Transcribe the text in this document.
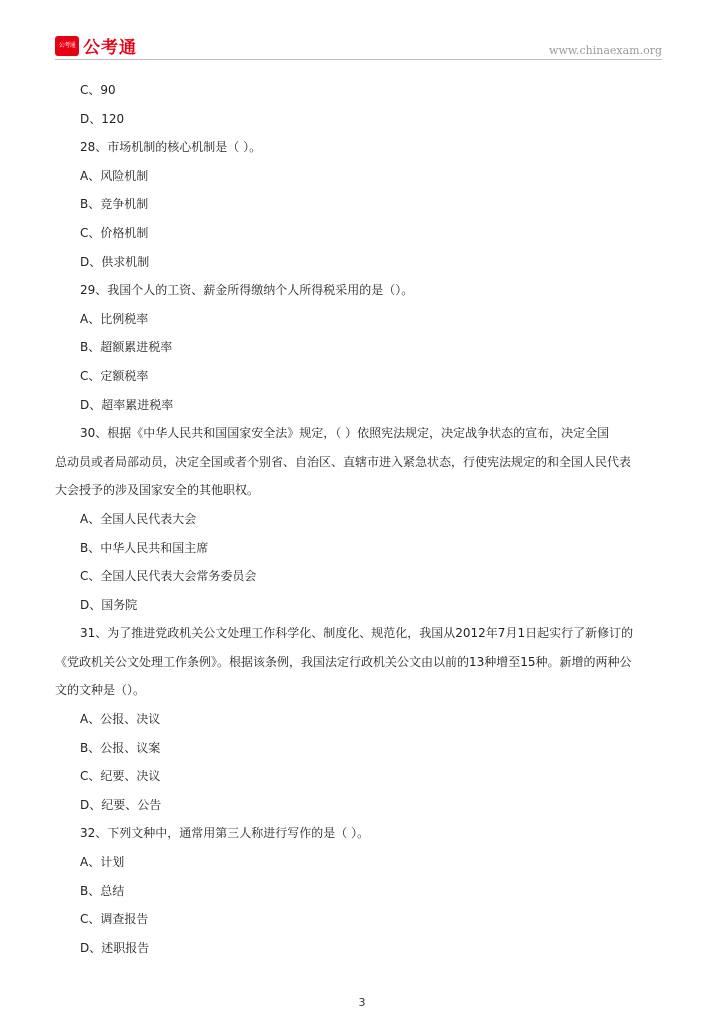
公考通 公考通	www.chinaexam.org

C、90

D、120

28、市场机制的核心机制是（ ）。

A、风险机制

B、竞争机制

C、价格机制

D、供求机制

29、我国个人的工资、薪金所得缴纳个人所得税采用的是（）。

A、比例税率

B、超额累进税率

C、定额税率

D、超率累进税率

30、根据《中华人民共和国国家安全法》规定，（ ）依照宪法规定，决定战争状态的宣布，决定全国

总动员或者局部动员，决定全国或者个别省、自治区、直辖市进入紧急状态，行使宪法规定的和全国人民代表

大会授予的涉及国家安全的其他职权。

A、全国人民代表大会

B、中华人民共和国主席

C、全国人民代表大会常务委员会

D、国务院

31、为了推进党政机关公文处理工作科学化、制度化、规范化，我国从2012年7月1日起实行了新修订的

《党政机关公文处理工作条例》。根据该条例，我国法定行政机关公文由以前的13种增至15种。新增的两种公

文的文种是（）。

A、公报、决议

B、公报、议案

C、纪要、决议

D、纪要、公告

32、下列文种中，通常用第三人称进行写作的是（ ）。

A、计划

B、总结

C、调查报告

D、述职报告

3
